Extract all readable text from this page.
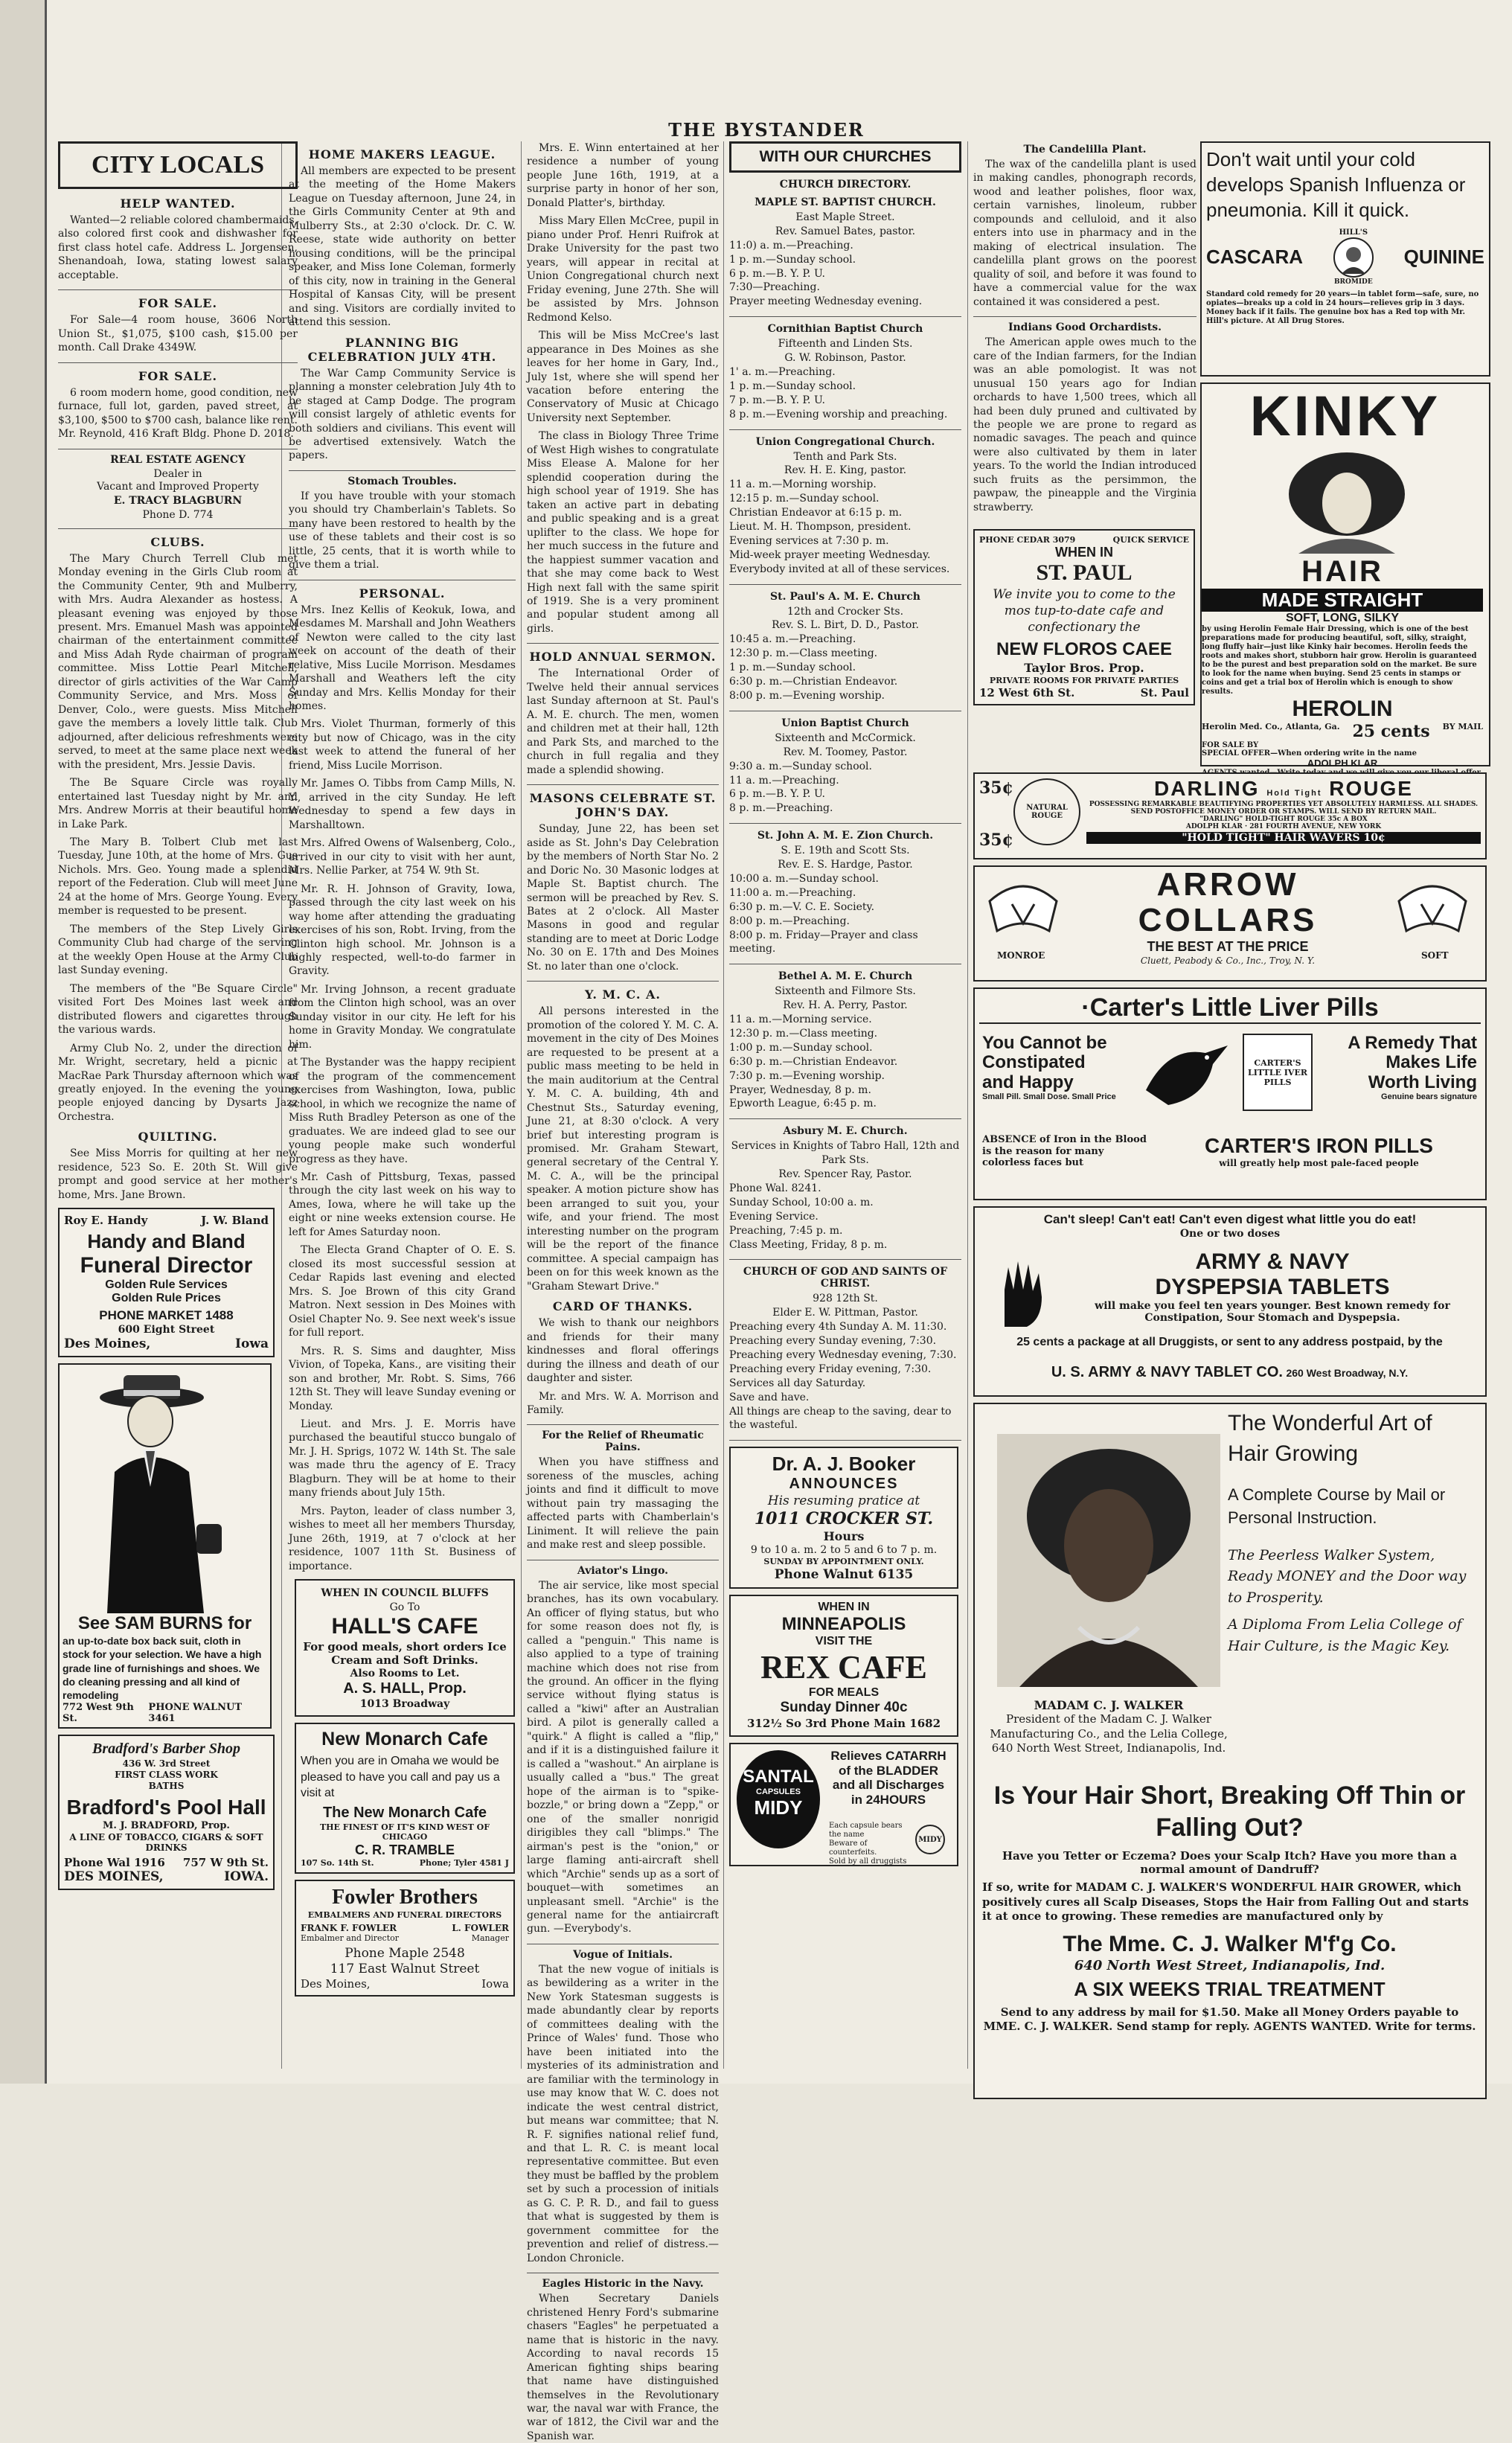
THE BYSTANDER
CITY LOCALS
HELP WANTED.

Wanted—2 reliable colored chambermaids, also colored first cook and dishwasher for first class hotel cafe. Address L. Jorgensen, Shenandoah, Iowa, stating lowest salary acceptable.

FOR SALE.

For Sale—4 room house, 3606 North Union St., $1,075, $100 cash, $15.00 per month. Call Drake 4349W.

FOR SALE.

6 room modern home, good condition, new furnace, full lot, garden, paved street, at $3,100, $500 to $700 cash, balance like rent. Mr. Reynold, 416 Kraft Bldg. Phone D. 2018.

REAL ESTATE AGENCY
Dealer in
Vacant and Improved Property
E. TRACY BLAGBURN
Phone D. 774
CLUBS.

The Mary Church Terrell Club met Monday evening in the Girls Club room at the Community Center, 9th and Mulberry, with Mrs. Audra Alexander as hostess. A pleasant evening was enjoyed by those present. Mrs. Emanuel Mash was appointed chairman of the entertainment committee and Miss Adah Ryde chairman of program committee. Miss Lottie Pearl Mitchell, director of girls activities of the War Camp Community Service, and Mrs. Moss of Denver, Colo., were guests. Miss Mitchell gave the members a lovely little talk. Club adjourned, after delicious refreshments were served, to meet at the same place next week with the president, Mrs. Jessie Davis.

The Be Square Circle was royally entertained last Tuesday night by Mr. and Mrs. Andrew Morris at their beautiful home in Lake Park.

The Mary B. Tolbert Club met last Tuesday, June 10th, at the home of Mrs. Gus Nichols. Mrs. Geo. Young made a splendid report of the Federation. Club will meet June 24 at the home of Mrs. George Young. Every member is requested to be present.

The members of the Step Lively Girls Community Club had charge of the serving at the weekly Open House at the Army Club last Sunday evening.

The members of the "Be Square Circle" visited Fort Des Moines last week and distributed flowers and cigarettes through the various wards.

Army Club No. 2, under the direction of Mr. Wright, secretary, held a picnic at MacRae Park Thursday afternoon which was greatly enjoyed. In the evening the young people enjoyed dancing by Dysarts Jazz Orchestra.

QUILTING.

See Miss Morris for quilting at her new residence, 523 So. E. 20th St. Will give prompt and good service at her mother's home, Mrs. Jane Brown.

Roy E. Handy	J. W. Bland
Handy and Bland
Funeral Director
Golden Rule Services
Golden Rule Prices
PHONE MARKET 1488
600 Eight Street
Des Moines,	Iowa
See SAM BURNS for
an up-to-date box back suit, cloth in stock for your selection. We have a high grade line of furnishings and shoes. We do cleaning pressing and all kind of remodeling
772 West 9th St.
PHONE WALNUT 3461
Bradford's Barber Shop
436 W. 3rd Street
FIRST CLASS WORK
BATHS
Bradford's Pool Hall
M. J. BRADFORD, Prop.
A LINE OF TOBACCO, CIGARS & SOFT DRINKS
Phone Wal 1916 757 W 9th St.
DES MOINES,	IOWA.
HOME MAKERS LEAGUE.

All members are expected to be present at the meeting of the Home Makers League on Tuesday afternoon, June 24, in the Girls Community Center at 9th and Mulberry Sts., at 2:30 o'clock. Dr. C. W. Reese, state wide authority on better housing conditions, will be the principal speaker, and Miss Ione Coleman, formerly of this city, now in training in the General Hospital of Kansas City, will be present and sing. Visitors are cordially invited to attend this session.

PLANNING BIG CELEBRATION JULY 4TH.

The War Camp Community Service is planning a monster celebration July 4th to be staged at Camp Dodge. The program will consist largely of athletic events for both soldiers and civilians. This event will be advertised extensively. Watch the papers.

Stomach Troubles.

If you have trouble with your stomach you should try Chamberlain's Tablets. So many have been restored to health by the use of these tablets and their cost is so little, 25 cents, that it is worth while to give them a trial.

PERSONAL.

Mrs. Inez Kellis of Keokuk, Iowa, and Mesdames M. Marshall and John Weathers of Newton were called to the city last week on account of the death of their relative, Miss Lucile Morrison. Mesdames Marshall and Weathers left the city Sunday and Mrs. Kellis Monday for their homes.

Mrs. Violet Thurman, formerly of this city but now of Chicago, was in the city last week to attend the funeral of her friend, Miss Lucile Morrison.

Mr. James O. Tibbs from Camp Mills, N. Y., arrived in the city Sunday. He left Wednesday to spend a few days in Marshalltown.

Mrs. Alfred Owens of Walsenberg, Colo., arrived in our city to visit with her aunt, Mrs. Nellie Parker, at 754 W. 9th St.

Mr. R. H. Johnson of Gravity, Iowa, passed through the city last week on his way home after attending the graduating exercises of his son, Robt. Irving, from the Clinton high school. Mr. Johnson is a highly respected, well-to-do farmer in Gravity.

Mr. Irving Johnson, a recent graduate from the Clinton high school, was an over Sunday visitor in our city. He left for his home in Gravity Monday. We congratulate him.

The Bystander was the happy recipient of the program of the commencement exercises from Washington, Iowa, public school, in which we recognize the name of Miss Ruth Bradley Peterson as one of the graduates. We are indeed glad to see our young people make such wonderful progress as they have.

Mr. Cash of Pittsburg, Texas, passed through the city last week on his way to Ames, Iowa, where he will take up the eight or nine weeks extension course. He left for Ames Saturday noon.

The Electa Grand Chapter of O. E. S. closed its most successful session at Cedar Rapids last evening and elected Mrs. S. Joe Brown of this city Grand Matron. Next session in Des Moines with Osiel Chapter No. 9. See next week's issue for full report.

Mrs. R. S. Sims and daughter, Miss Vivion, of Topeka, Kans., are visiting their son and brother, Mr. Robt. S. Sims, 766 12th St. They will leave Sunday evening or Monday.

Lieut. and Mrs. J. E. Morris have purchased the beautiful stucco bungalo of Mr. J. H. Sprigs, 1072 W. 14th St. The sale was made thru the agency of E. Tracy Blagburn. They will be at home to their many friends about July 15th.

Mrs. Payton, leader of class number 3, wishes to meet all her members Thursday, June 26th, 1919, at 7 o'clock at her residence, 1007 11th St. Business of importance.

WHEN IN COUNCIL BLUFFS
Go To
HALL'S CAFE
For good meals, short orders Ice Cream and Soft Drinks.
Also Rooms to Let.
A. S. HALL, Prop.
1013 Broadway
New Monarch Cafe
When you are in Omaha we would be pleased to have you call and pay us a visit at
The New Monarch Cafe
THE FINEST OF IT'S KIND WEST OF CHICAGO
C. R. TRAMBLE
107 So. 14th St.	Phone; Tyler 4581 J
Fowler Brothers
EMBALMERS AND FUNERAL DIRECTORS
FRANK F. FOWLER	L. FOWLER
Embalmer and Director	Manager
Phone Maple 2548
117 East Walnut Street
Des Moines,	Iowa

Mrs. E. Winn entertained at her residence a number of young people June 16th, 1919, at a surprise party in honor of her son, Donald Platter's, birthday.

Miss Mary Ellen McCree, pupil in piano under Prof. Henri Ruifrok at Drake University for the past two years, will appear in recital at Union Congregational church next Friday evening, June 27th. She will be assisted by Mrs. Johnson Redmond Kelso.

This will be Miss McCree's last appearance in Des Moines as she leaves for her home in Gary, Ind., July 1st, where she will spend her vacation before entering the Conservatory of Music at Chicago University next September.

The class in Biology Three Trime of West High wishes to congratulate Miss Elease A. Malone for her splendid cooperation during the high school year of 1919. She has taken an active part in debating and public speaking and is a great uplifter to the class. We hope for her much success in the future and the happiest summer vacation and that she may come back to West High next fall with the same spirit of 1919. She is a very prominent and popular student among all girls.

HOLD ANNUAL SERMON.

The International Order of Twelve held their annual services last Sunday afternoon at St. Paul's A. M. E. church. The men, women and children met at their hall, 12th and Park Sts, and marched to the church in full regalia and they made a splendid showing.

MASONS CELEBRATE ST. JOHN'S DAY.

Sunday, June 22, has been set aside as St. John's Day Celebration by the members of North Star No. 2 and Doric No. 30 Masonic lodges at Maple St. Baptist church. The sermon will be preached by Rev. S. Bates at 2 o'clock. All Master Masons in good and regular standing are to meet at Doric Lodge No. 30 on E. 17th and Des Moines St. no later than one o'clock.

Y. M. C. A.

All persons interested in the promotion of the colored Y. M. C. A. movement in the city of Des Moines are requested to be present at a public mass meeting to be held in the main auditorium at the Central Y. M. C. A. building, 4th and Chestnut Sts., Saturday evening, June 21, at 8:30 o'clock. A very brief but interesting program is promised. Mr. Graham Stewart, general secretary of the Central Y. M. C. A., will be the principal speaker. A motion picture show has been arranged to suit you, your wife, and your friend. The most interesting number on the program will be the report of the finance committee. A special campaign has been on for this week known as the "Graham Stewart Drive."

CARD OF THANKS.

We wish to thank our neighbors and friends for their many kindnesses and floral offerings during the illness and death of our daughter and sister.

Mr. and Mrs. W. A. Morrison and Family.

For the Relief of Rheumatic Pains.

When you have stiffness and soreness of the muscles, aching joints and find it difficult to move without pain try massaging the affected parts with Chamberlain's Liniment. It will relieve the pain and make rest and sleep possible.

Aviator's Lingo.

The air service, like most special branches, has its own vocabulary. An officer of flying status, but who for some reason does not fly, is called a "penguin." This name is also applied to a type of training machine which does not rise from the ground. An officer in the flying service without flying status is called a "kiwi" after an Australian bird. A pilot is generally called a "quirk." A flight is called a "flip," and if it is a distinguished failure it is called a "washout." An airplane is usually called a "bus." The great hope of the airman is to "spike-bozzle," or bring down a "Zepp," or one of the smaller nonrigid dirigibles they call "blimps." The airman's pest is the "onion," or large flaming anti-aircraft shell which "Archie" sends up as a sort of bouquet—with sometimes an unpleasant smell. "Archie" is the general name for the antiaircraft gun. —Everybody's.

Vogue of Initials.

That the new vogue of initials is as bewildering as a writer in the New York Statesman suggests is made abundantly clear by reports of committees dealing with the Prince of Wales' fund. Those who have been initiated into the mysteries of its administration and are familiar with the terminology in use may know that W. C. does not indicate the west central district, but means war committee; that N. R. F. signifies national relief fund, and that L. R. C. is meant local representative committee. But even they must be baffled by the problem set by such a procession of initials as G. C. P. R. D., and fail to guess that what is suggested by them is government committee for the prevention and relief of distress.—London Chronicle.

Eagles Historic in the Navy.

When Secretary Daniels christened Henry Ford's submarine chasers "Eagles" he perpetuated a name that is historic in the navy. According to naval records 15 American fighting ships bearing that name have distinguished themselves in the Revolutionary war, the naval war with France, the war of 1812, the Civil war and the Spanish war.

WITH OUR CHURCHES
CHURCH DIRECTORY.
MAPLE ST. BAPTIST CHURCH.
East Maple Street.
Rev. Samuel Bates, pastor.
11:0) a. m.—Preaching.
1 p. m.—Sunday school.
6 p. m.—B. Y. P. U.
7:30—Preaching.
Prayer meeting Wednesday evening.
Cornithian Baptist Church
Fifteenth and Linden Sts.
G. W. Robinson, Pastor.
1' a. m.—Preaching.
1 p. m.—Sunday school.
7 p. m.—B. Y. P. U.
8 p. m.—Evening worship and preaching.
Union Congregational Church.
Tenth and Park Sts.
Rev. H. E. King, pastor.
11 a. m.—Morning worship.
12:15 p. m.—Sunday school.
Christian Endeavor at 6:15 p. m.
Lieut. M. H. Thompson, president.
Evening services at 7:30 p. m.
Mid-week prayer meeting Wednesday.
Everybody invited at all of these services.
St. Paul's A. M. E. Church
12th and Crocker Sts.
Rev. S. L. Birt, D. D., Pastor.
10:45 a. m.—Preaching.
12:30 p. m.—Class meeting.
1 p. m.—Sunday school.
6:30 p. m.—Christian Endeavor.
8:00 p. m.—Evening worship.
Union Baptist Church
Sixteenth and McCormick.
Rev. M. Toomey, Pastor.
9:30 a. m.—Sunday school.
11 a. m.—Preaching.
6 p. m.—B. Y. P. U.
8 p. m.—Preaching.
St. John A. M. E. Zion Church.
S. E. 19th and Scott Sts.
Rev. E. S. Hardge, Pastor.
10:00 a. m.—Sunday school.
11:00 a. m.—Preaching.
6:30 p. m.—V. C. E. Society.
8:00 p. m.—Preaching.
8:00 p. m. Friday—Prayer and class meeting.
Bethel A. M. E. Church
Sixteenth and Filmore Sts.
Rev. H. A. Perry, Pastor.
11 a. m.—Morning service.
12:30 p. m.—Class meeting.
1:00 p. m.—Sunday school.
6:30 p. m.—Christian Endeavor.
7:30 p. m.—Evening worship.
Prayer, Wednesday, 8 p. m.
Epworth League, 6:45 p. m.
Asbury M. E. Church.
Services in Knights of Tabro Hall, 12th and Park Sts.
Rev. Spencer Ray, Pastor.
Phone Wal. 8241.
Sunday School, 10:00 a. m.
Evening Service.
Preaching, 7:45 p. m.
Class Meeting, Friday, 8 p. m.
CHURCH OF GOD AND SAINTS OF CHRIST.
928 12th St.
Elder E. W. Pittman, Pastor.
Preaching every 4th Sunday A. M. 11:30.
Preaching every Sunday evening, 7:30.
Preaching every Wednesday evening, 7:30.
Preaching every Friday evening, 7:30.
Services all day Saturday.
Save and have.
All things are cheap to the saving, dear to the wasteful.
Dr. A. J. Booker
ANNOUNCES
His resuming pratice at
1011 CROCKER ST.
Hours
9 to 10 a. m. 2 to 5 and 6 to 7 p. m.
SUNDAY BY APPOINTMENT ONLY.
Phone Walnut 6135
WHEN IN
MINNEAPOLIS
VISIT THE
REX CAFE
FOR MEALS
Sunday Dinner 40c
312½ So 3rd Phone Main 1682
SANTAL
CAPSULES
MIDY
Relieves CATARRH of the BLADDER and all Discharges in 24HOURS
Each capsule bears the name
Beware of counterfeits.
Sold by all druggists
MIDY
The Candelilla Plant.

The wax of the candelilla plant is used in making candles, phonograph records, wood and leather polishes, floor wax, certain varnishes, linoleum, rubber compounds and celluloid, and it also enters into use in pharmacy and in the making of electrical insulation. The candelilla plant grows on the poorest quality of soil, and before it was found to have a commercial value for the wax contained it was considered a pest.

Indians Good Orchardists.

The American apple owes much to the care of the Indian farmers, for the Indian was an able pomologist. It was not unusual 150 years ago for Indian orchards to have 1,500 trees, which all had been duly pruned and cultivated by the people we are prone to regard as nomadic savages. The peach and quince were also cultivated by them in later years. To the world the Indian introduced such fruits as the persimmon, the pawpaw, the pineapple and the Virginia strawberry.

PHONE CEDAR 3079	QUICK SERVICE
WHEN IN
ST. PAUL
We invite you to come to the mos tup-to-date cafe and confectionary the
NEW FLOROS CAEE
Taylor Bros. Prop.
PRIVATE ROOMS FOR PRIVATE PARTIES
12 West 6th St.	St. Paul
Don't wait until your cold develops Spanish Influenza or pneumonia. Kill it quick.
CASCARA
HILL'S
BROMIDE
QUININE
Standard cold remedy for 20 years—in tablet form—safe, sure, no opiates—breaks up a cold in 24 hours—relieves grip in 3 days. Money back if it fails. The genuine box has a Red top with Mr. Hill's picture. At All Drug Stores.
KINKY
HAIR
MADE STRAIGHT
SOFT, LONG, SILKY
by using Herolin Female Hair Dressing, which is one of the best preparations made for producing beautiful, soft, silky, straight, long fluffy hair—just like Kinky hair becomes. Herolin feeds the roots and makes short, stubborn hair grow. Herolin is guaranteed to be the purest and best preparation sold on the market. Be sure to look for the name when buying. Send 25 cents in stamps or coins and get a trial box of Herolin which is enough to show results.
HEROLIN
Herolin Med. Co., Atlanta, Ga. 25 cents BY MAIL
FOR SALE BY
SPECIAL OFFER—When ordering write in the name
ADOLPH KLAR
35¢
35¢
NATURAL ROUGE
DARLING Hold Tight ROUGE
POSSESSING REMARKABLE BEAUTIFYING PROPERTIES YET ABSOLUTELY HARMLESS. ALL SHADES.
SEND POSTOFFICE MONEY ORDER OR STAMPS. WILL SEND BY RETURN MAIL.
"DARLING" HOLD-TIGHT ROUGE 35c A BOX
ADOLPH KLAR · 281 FOURTH AVENUE, NEW YORK
"HOLD TIGHT" HAIR WAVERS 10¢
MONROE
ARROW
COLLARS
THE BEST AT THE PRICE
Cluett, Peabody & Co., Inc., Troy, N. Y.	SOFT
·Carter's Little Liver Pills
You Cannot be
Constipated
and Happy
Small Pill. Small Dose. Small Price
CARTER'S LITTLE IVER PILLS
A Remedy That
Makes Life
Worth Living
Genuine bears signature
ABSENCE of Iron in the Blood is the reason for many colorless faces but
CARTER'S IRON PILLS
will greatly help most pale-faced people
Can't sleep! Can't eat! Can't even digest what little you do eat!
One or two doses
ARMY & NAVY
DYSPEPSIA TABLETS
will make you feel ten years younger. Best known remedy for Constipation, Sour Stomach and Dyspepsia.
25 cents a package at all Druggists, or sent to any address postpaid, by the
U. S. ARMY & NAVY TABLET CO. 260 West Broadway, N.Y.
The Wonderful Art of Hair Growing
A Complete Course by Mail or Personal Instruction.
The Peerless Walker System, Ready MONEY and the Door way to Prosperity.
A Diploma From Lelia College of Hair Culture, is the Magic Key.
MADAM C. J. WALKER
President of the Madam C. J. Walker Manufacturing Co., and the Lelia College, 640 North West Street, Indianapolis, Ind.
Is Your Hair Short, Breaking Off Thin or Falling Out?
Have you Tetter or Eczema? Does your Scalp Itch? Have you more than a normal amount of Dandruff?
If so, write for MADAM C. J. WALKER'S WONDERFUL HAIR GROWER, which positively cures all Scalp Diseases, Stops the Hair from Falling Out and starts it at once to growing. These remedies are manufactured only by
The Mme. C. J. Walker M'f'g Co.
640 North West Street, Indianapolis, Ind.
A SIX WEEKS TRIAL TREATMENT
Send to any address by mail for $1.50. Make all Money Orders payable to MME. C. J. WALKER. Send stamp for reply. AGENTS WANTED. Write for terms.
